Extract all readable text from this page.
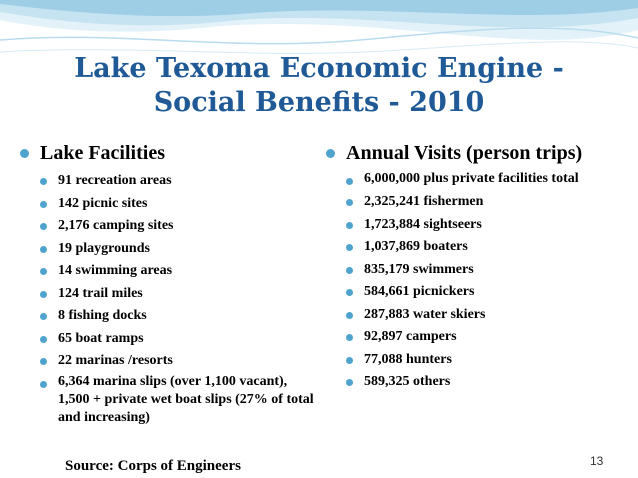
Lake Texoma Economic Engine -
Social Benefits - 2010
Lake Facilities
91 recreation areas
142 picnic sites
2,176 camping sites
19 playgrounds
14 swimming areas
124 trail miles
8 fishing docks
65 boat ramps
22 marinas /resorts
6,364 marina slips (over 1,100 vacant), 1,500 + private wet boat slips (27% of total and increasing)
Annual Visits (person trips)
6,000,000 plus private facilities total
2,325,241 fishermen
1,723,884 sightseers
1,037,869 boaters
835,179 swimmers
584,661 picnickers
287,883 water skiers
92,897 campers
77,088 hunters
589,325 others
Source: Corps of Engineers	13
